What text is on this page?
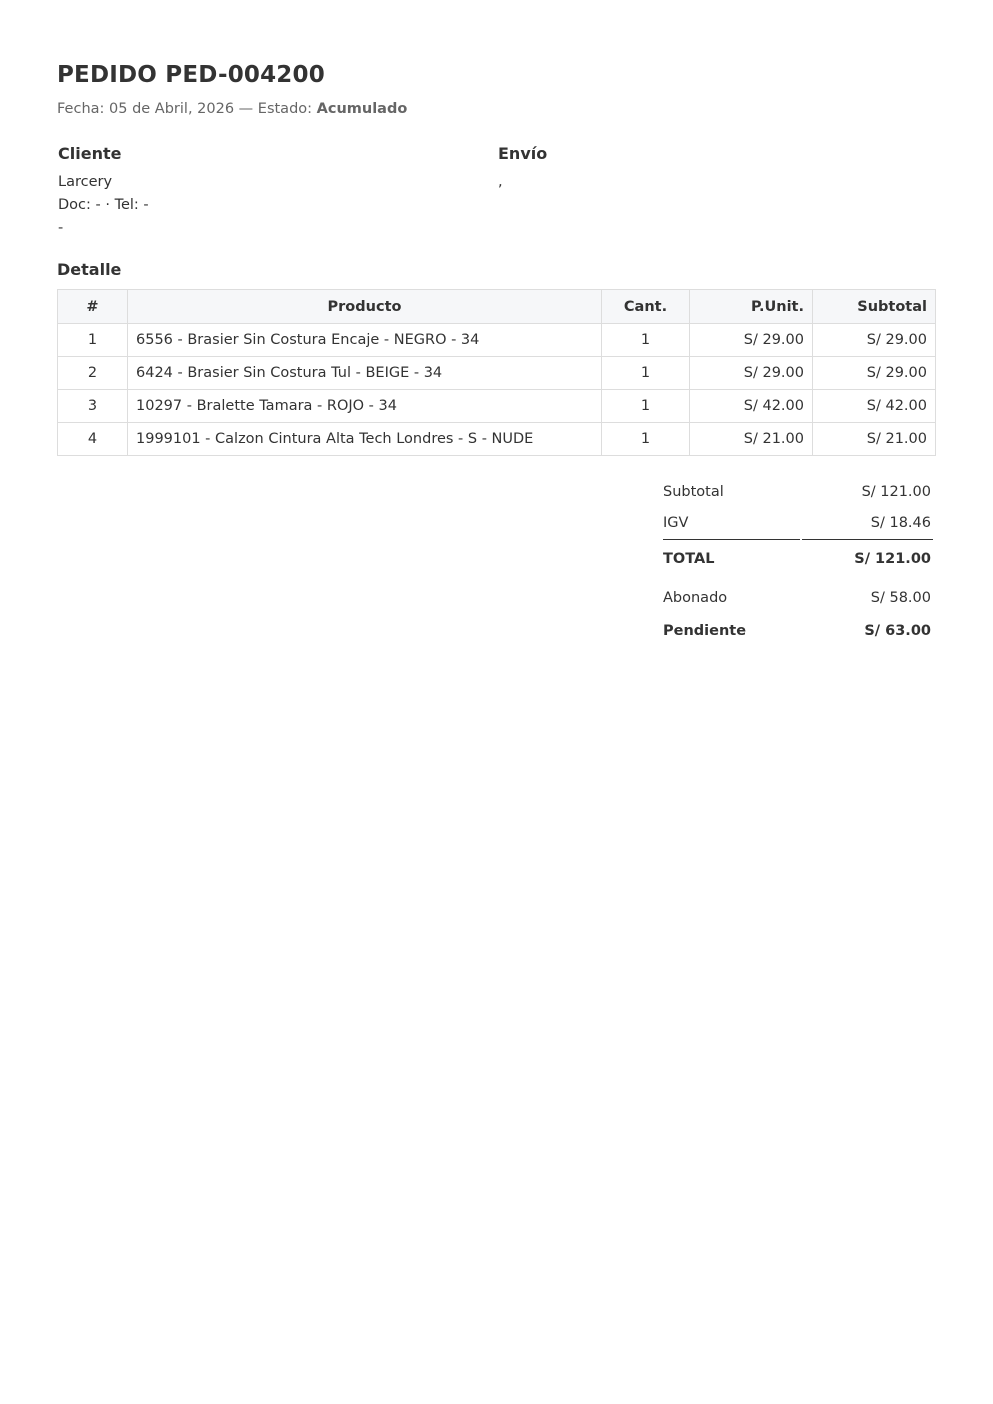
PEDIDO PED-004200
Fecha: 05 de Abril, 2026 — Estado: Acumulado
Cliente
Larcery
Doc: - · Tel: -
-
Envío
,
Detalle
#	Producto	Cant.	P.Unit.	Subtotal
1	6556 - Brasier Sin Costura Encaje - NEGRO - 34	1	S/ 29.00	S/ 29.00
2	6424 - Brasier Sin Costura Tul - BEIGE - 34	1	S/ 29.00	S/ 29.00
3	10297 - Bralette Tamara - ROJO - 34	1	S/ 42.00	S/ 42.00
4	1999101 - Calzon Cintura Alta Tech Londres - S - NUDE	1	S/ 21.00	S/ 21.00
Subtotal	S/ 121.00
IGV	S/ 18.46
TOTAL	S/ 121.00
Abonado	S/ 58.00
Pendiente	S/ 63.00
